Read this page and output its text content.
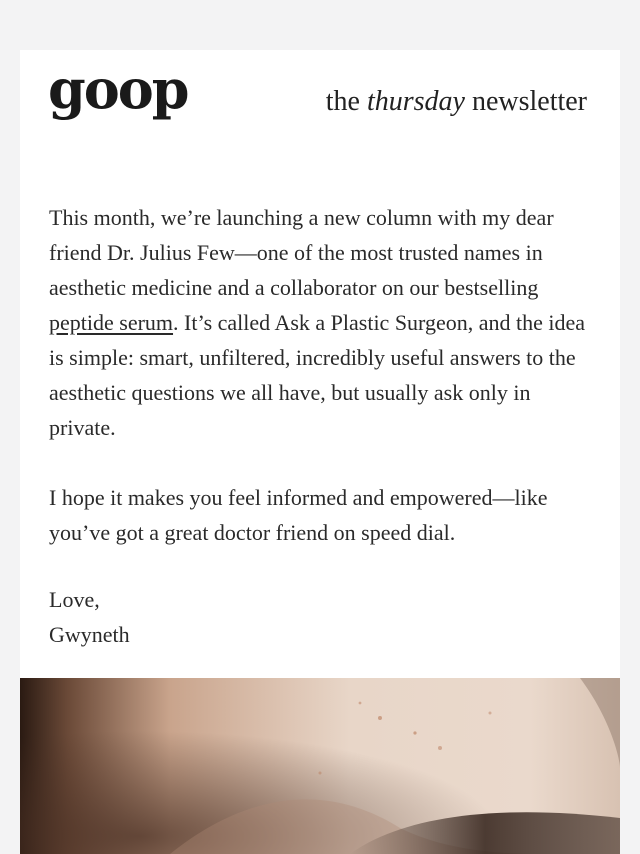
goop	the thursday newsletter

This month, we’re launching a new column with my dear friend Dr. Julius Few—one of the most trusted names in aesthetic medicine and a collaborator on our bestselling peptide serum. It’s called Ask a Plastic Surgeon, and the idea is simple: smart, unfiltered, incredibly useful answers to the aesthetic questions we all have, but usually ask only in private.

I hope it makes you feel informed and empowered—like you’ve got a great doctor friend on speed dial.

Love,
Gwyneth
